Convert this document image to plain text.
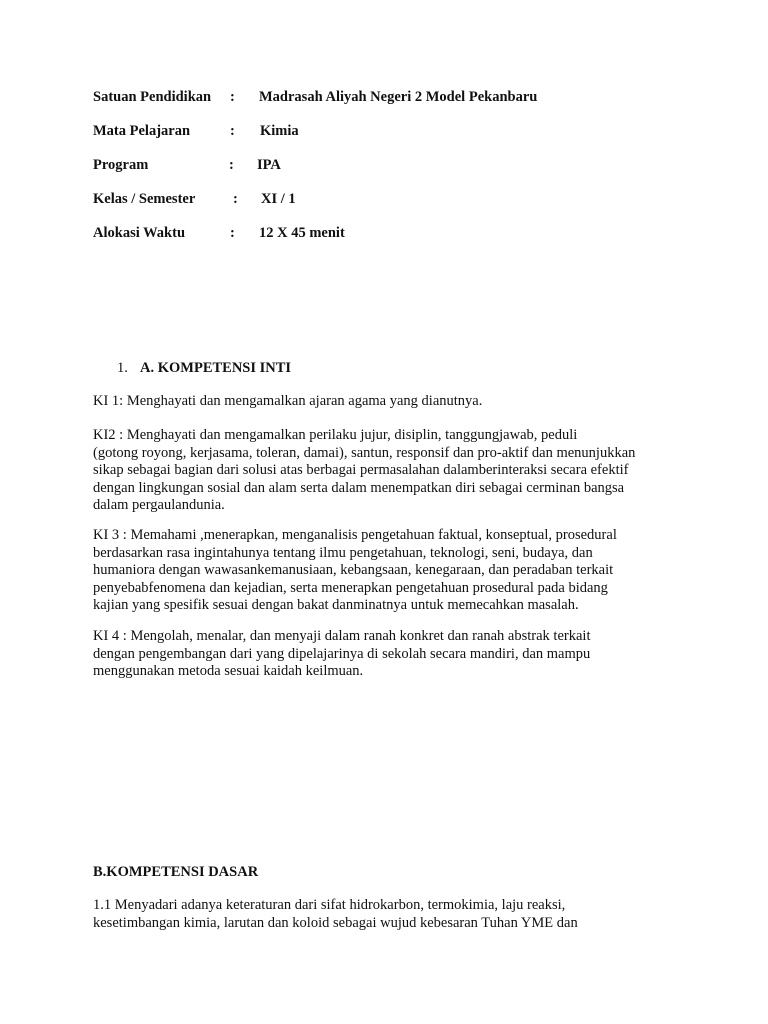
Satuan Pendidikan : Madrasah Aliyah Negeri 2 Model Pekanbaru
Mata Pelajaran	: Kimia
Program	: IPA
Kelas / Semester	: XI / 1
Alokasi Waktu	: 12 X 45 menit
1. A. KOMPETENSI INTI
KI 1: Menghayati dan mengamalkan ajaran agama yang dianutnya.
KI2 : Menghayati dan mengamalkan perilaku jujur, disiplin, tanggungjawab, peduli
(gotong royong, kerjasama, toleran, damai), santun, responsif dan pro-aktif dan menunjukkan
sikap sebagai bagian dari solusi atas berbagai permasalahan dalamberinteraksi secara efektif
dengan lingkungan sosial dan alam serta dalam menempatkan diri sebagai cerminan bangsa
dalam pergaulandunia.
KI 3 : Memahami ,menerapkan, menganalisis pengetahuan faktual, konseptual, prosedural
berdasarkan rasa ingintahunya tentang ilmu pengetahuan, teknologi, seni, budaya, dan
humaniora dengan wawasankemanusiaan, kebangsaan, kenegaraan, dan peradaban terkait
penyebabfenomena dan kejadian, serta menerapkan pengetahuan prosedural pada bidang
kajian yang spesifik sesuai dengan bakat danminatnya untuk memecahkan masalah.
KI 4 : Mengolah, menalar, dan menyaji dalam ranah konkret dan ranah abstrak terkait
dengan pengembangan dari yang dipelajarinya di sekolah secara mandiri, dan mampu
menggunakan metoda sesuai kaidah keilmuan.
B.KOMPETENSI DASAR
1.1 Menyadari adanya keteraturan dari sifat hidrokarbon, termokimia, laju reaksi,
kesetimbangan kimia, larutan dan koloid sebagai wujud kebesaran Tuhan YME dan
